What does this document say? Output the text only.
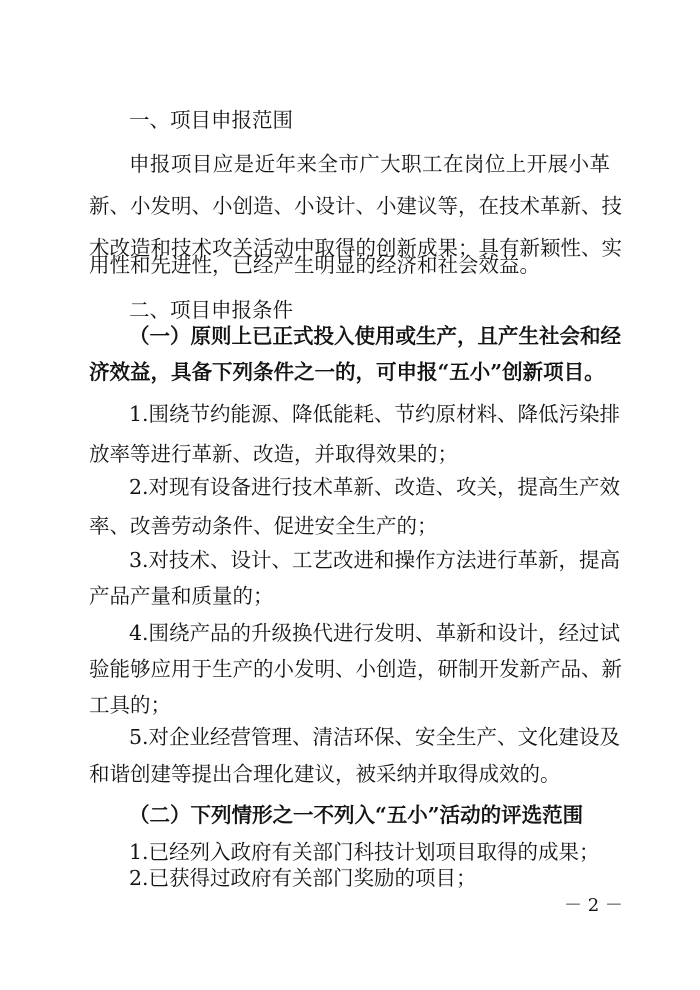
一、项目申报范围
申报项目应是近年来全市广大职工在岗位上开展小革
新、小发明、小创造、小设计、小建议等，在技术革新、技
术改造和技术攻关活动中取得的创新成果；具有新颖性、实
用性和先进性，已经产生明显的经济和社会效益。
二、项目申报条件
（一）原则上已正式投入使用或生产，且产生社会和经
济效益，具备下列条件之一的，可申报“五小”创新项目。
1.围绕节约能源、降低能耗、节约原材料、降低污染排
放率等进行革新、改造，并取得效果的；
2.对现有设备进行技术革新、改造、攻关，提高生产效
率、改善劳动条件、促进安全生产的；
3.对技术、设计、工艺改进和操作方法进行革新，提高
产品产量和质量的；
4.围绕产品的升级换代进行发明、革新和设计，经过试
验能够应用于生产的小发明、小创造，研制开发新产品、新
工具的；
5.对企业经营管理、清洁环保、安全生产、文化建设及
和谐创建等提出合理化建议，被采纳并取得成效的。
（二）下列情形之一不列入“五小”活动的评选范围
1.已经列入政府有关部门科技计划项目取得的成果；
2.已获得过政府有关部门奖励的项目；
－ 2 －
